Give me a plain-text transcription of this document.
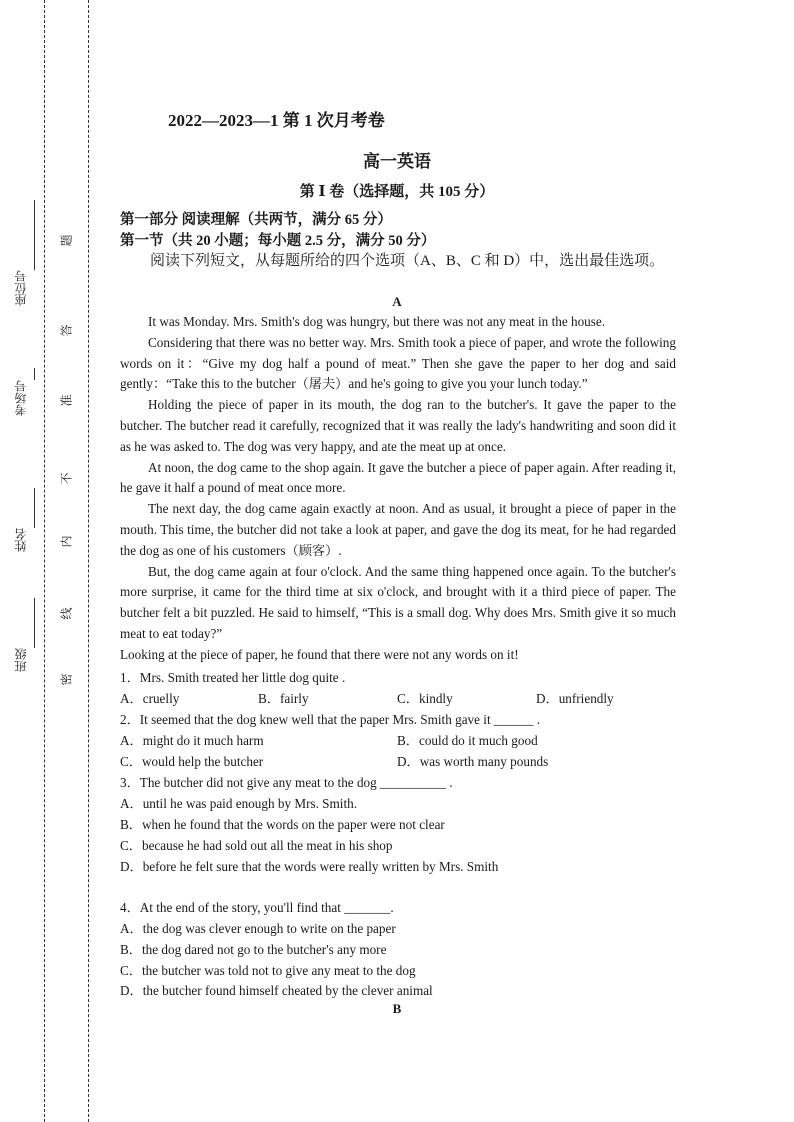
班级
姓名
考场号
座位号
题
答
准
不
内
线
密
2022—2023—1 第 1 次月考卷
高一英语
第 Ⅰ 卷（选择题，共 105 分）
第一部分 阅读理解（共两节，满分 65 分）
第一节（共 20 小题；每小题 2.5 分，满分 50 分）
阅读下列短文，从每题所给的四个选项（A、B、C 和 D）中，选出最佳选项。
A

It was Monday. Mrs. Smith's dog was hungry, but there was not any meat in the house.

Considering that there was no better way. Mrs. Smith took a piece of paper, and wrote the following words on it：“Give my dog half a pound of meat.” Then she gave the paper to her dog and said gently：“Take this to the butcher（屠夫）and he's going to give you your lunch today.”

Holding the piece of paper in its mouth, the dog ran to the butcher's. It gave the paper to the butcher. The butcher read it carefully, recognized that it was really the lady's handwriting and soon did it as he was asked to. The dog was very happy, and ate the meat up at once.

At noon, the dog came to the shop again. It gave the butcher a piece of paper again. After reading it, he gave it half a pound of meat once more.

The next day, the dog came again exactly at noon. And as usual, it brought a piece of paper in the mouth. This time, the butcher did not take a look at paper, and gave the dog its meat, for he had regarded the dog as one of his customers（顾客）.

But, the dog came again at four o'clock. And the same thing happened once again. To the butcher's more surprise, it came for the third time at six o'clock, and brought with it a third piece of paper. The butcher felt a bit puzzled. He said to himself, “This is a small dog. Why does Mrs. Smith give it so much meat to eat today?”

Looking at the piece of paper, he found that there were not any words on it!

1．Mrs. Smith treated her little dog quite .
A．cruelly	B．fairly	C．kindly	D．unfriendly
2．It seemed that the dog knew well that the paper Mrs. Smith gave it ______ .
A．might do it much harm	B．could do it much good
C．would help the butcher	D．was worth many pounds
3．The butcher did not give any meat to the dog __________ .
A．until he was paid enough by Mrs. Smith.
B．when he found that the words on the paper were not clear
C．because he had sold out all the meat in his shop
D．before he felt sure that the words were really written by Mrs. Smith
4．At the end of the story, you'll find that _______.
A．the dog was clever enough to write on the paper
B．the dog dared not go to the butcher's any more
C．the butcher was told not to give any meat to the dog
D．the butcher found himself cheated by the clever animal
B
